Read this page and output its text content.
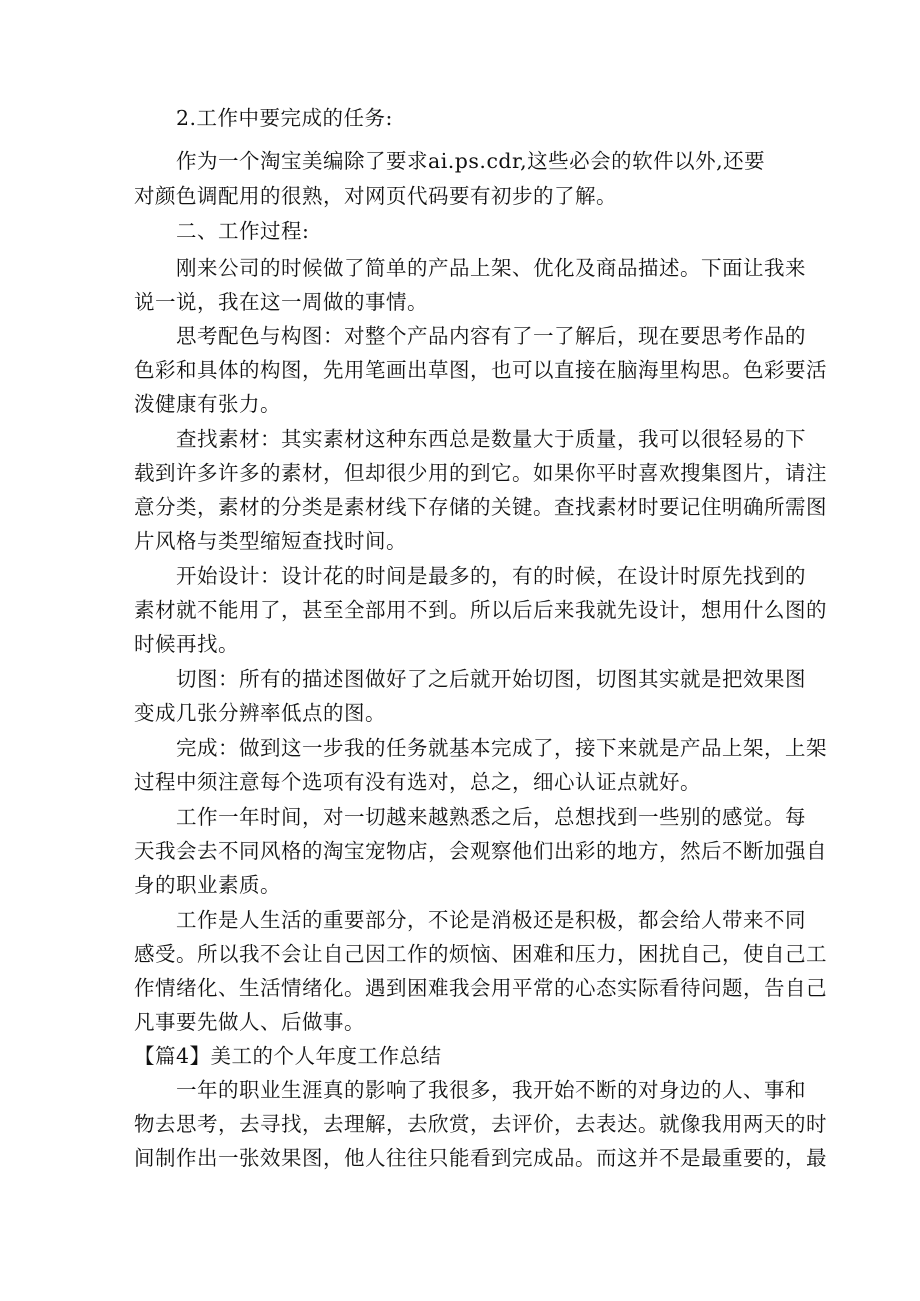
2.工作中要完成的任务:
作为一个淘宝美编除了要求ai.ps.cdr,这些必会的软件以外,还要
对颜色调配用的很熟，对网页代码要有初步的了解。
二、工作过程:
刚来公司的时候做了简单的产品上架、优化及商品描述。下面让我来
说一说，我在这一周做的事情。
思考配色与构图：对整个产品内容有了一了解后，现在要思考作品的
色彩和具体的构图，先用笔画出草图，也可以直接在脑海里构思。色彩要活
泼健康有张力。
查找素材：其实素材这种东西总是数量大于质量，我可以很轻易的下
载到许多许多的素材，但却很少用的到它。如果你平时喜欢搜集图片，请注
意分类，素材的分类是素材线下存储的关键。查找素材时要记住明确所需图
片风格与类型缩短查找时间。
开始设计：设计花的时间是最多的，有的时候，在设计时原先找到的
素材就不能用了，甚至全部用不到。所以后后来我就先设计，想用什么图的
时候再找。
切图：所有的描述图做好了之后就开始切图，切图其实就是把效果图
变成几张分辨率低点的图。
完成：做到这一步我的任务就基本完成了，接下来就是产品上架，上架
过程中须注意每个选项有没有选对，总之，细心认证点就好。
工作一年时间，对一切越来越熟悉之后，总想找到一些别的感觉。每
天我会去不同风格的淘宝宠物店，会观察他们出彩的地方，然后不断加强自
身的职业素质。
工作是人生活的重要部分，不论是消极还是积极，都会给人带来不同
感受。所以我不会让自己因工作的烦恼、困难和压力，困扰自己，使自己工
作情绪化、生活情绪化。遇到困难我会用平常的心态实际看待问题，告自己
凡事要先做人、后做事。
【篇4】美工的个人年度工作总结
一年的职业生涯真的影响了我很多，我开始不断的对身边的人、事和
物去思考，去寻找，去理解，去欣赏，去评价，去表达。就像我用两天的时
间制作出一张效果图，他人往往只能看到完成品。而这并不是最重要的，最
